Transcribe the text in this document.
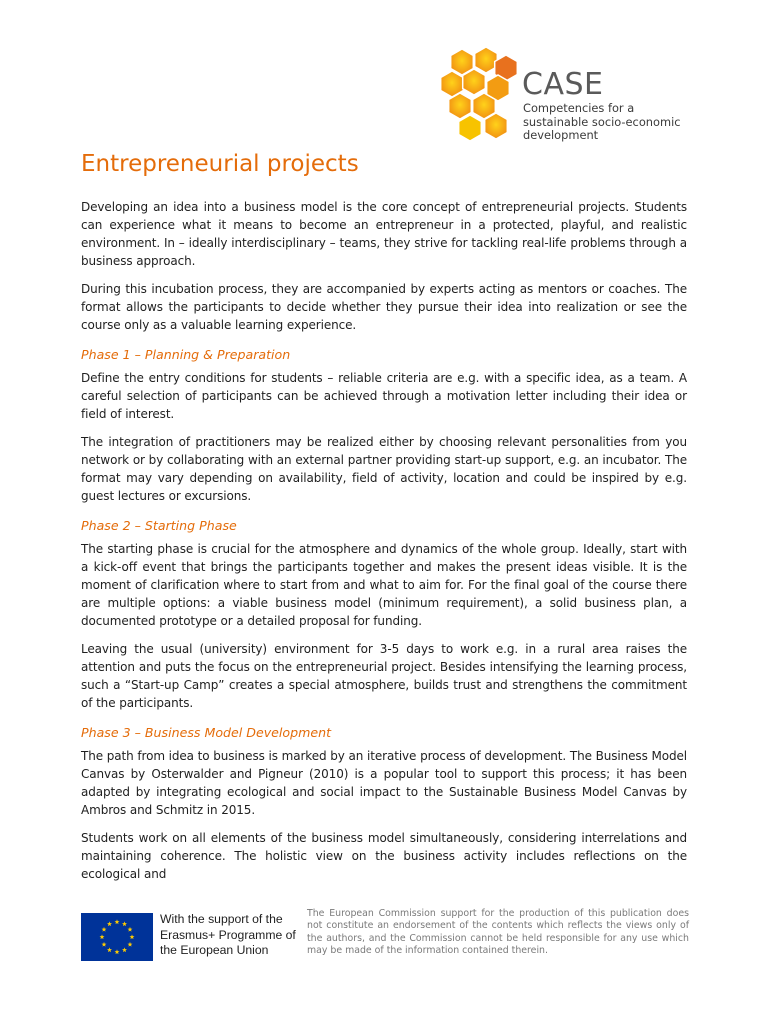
CASE
Competencies for a sustainable socio-economic development
Entrepreneurial projects

Developing an idea into a business model is the core concept of entrepreneurial projects. Students can experience what it means to become an entrepreneur in a protected, playful, and realistic environment. In – ideally interdisciplinary – teams, they strive for tackling real-life problems through a business approach.

During this incubation process, they are accompanied by experts acting as mentors or coaches. The format allows the participants to decide whether they pursue their idea into realization or see the course only as a valuable learning experience.

Phase 1 – Planning & Preparation

Define the entry conditions for students – reliable criteria are e.g. with a specific idea, as a team. A careful selection of participants can be achieved through a motivation letter including their idea or field of interest.

The integration of practitioners may be realized either by choosing relevant personalities from you network or by collaborating with an external partner providing start-up support, e.g. an incubator. The format may vary depending on availability, field of activity, location and could be inspired by e.g. guest lectures or excursions.

Phase 2 – Starting Phase

The starting phase is crucial for the atmosphere and dynamics of the whole group. Ideally, start with a kick-off event that brings the participants together and makes the present ideas visible. It is the moment of clarification where to start from and what to aim for. For the final goal of the course there are multiple options: a viable business model (minimum requirement), a solid business plan, a documented prototype or a detailed proposal for funding.

Leaving the usual (university) environment for 3-5 days to work e.g. in a rural area raises the attention and puts the focus on the entrepreneurial project. Besides intensifying the learning process, such a “Start-up Camp” creates a special atmosphere, builds trust and strengthens the commitment of the participants.

Phase 3 – Business Model Development

The path from idea to business is marked by an iterative process of development. The Business Model Canvas by Osterwalder and Pigneur (2010) is a popular tool to support this process; it has been adapted by integrating ecological and social impact to the Sustainable Business Model Canvas by Ambros and Schmitz in 2015.

Students work on all elements of the business model simultaneously, considering interrelations and maintaining coherence. The holistic view on the business activity includes reflections on the ecological and

With the support of the Erasmus+ Programme of the European Union
The European Commission support for the production of this publication does not constitute an endorsement of the contents which reflects the views only of the authors, and the Commission cannot be held responsible for any use which may be made of the information contained therein.
